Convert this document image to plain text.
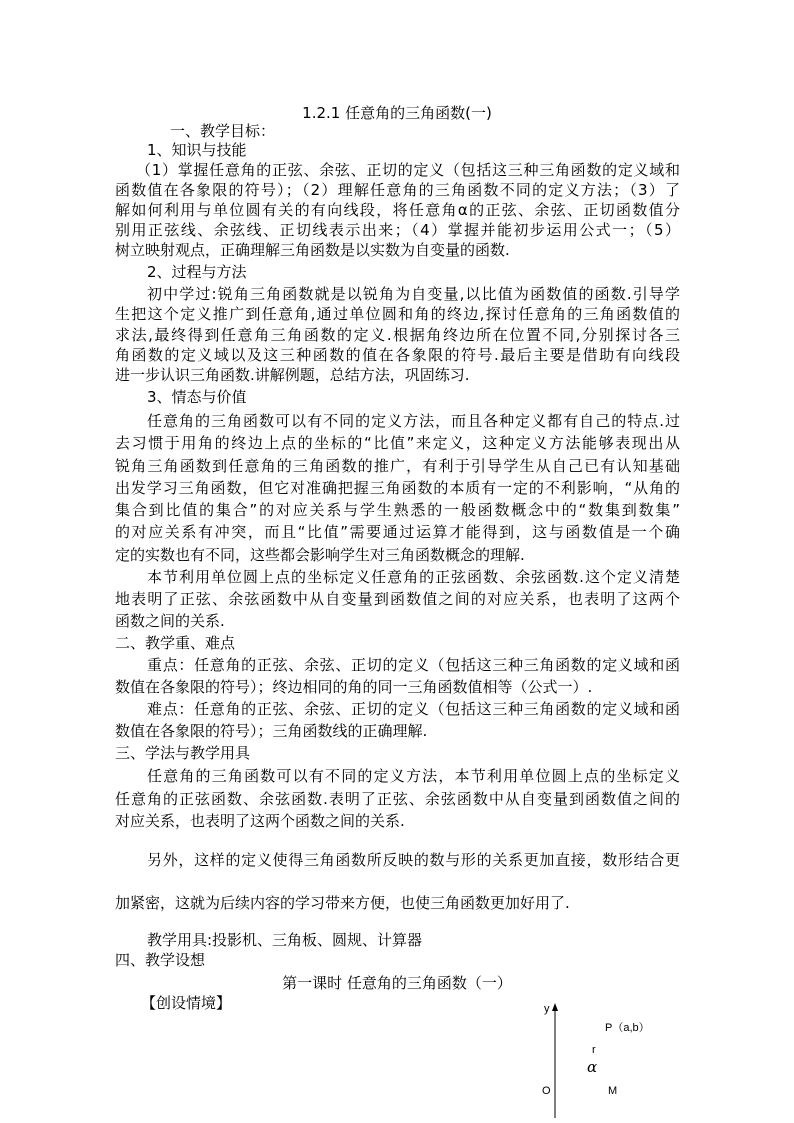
1.2.1 任意角的三角函数(一)
一、教学目标：
1、知识与技能
（1）掌握任意角的正弦、余弦、正切的定义（包括这三种三角函数的定义域和
函数值在各象限的符号）；（2）理解任意角的三角函数不同的定义方法；（3）了
解如何利用与单位圆有关的有向线段，将任意角α的正弦、余弦、正切函数值分
别用正弦线、余弦线、正切线表示出来；（4）掌握并能初步运用公式一；（5）
树立映射观点，正确理解三角函数是以实数为自变量的函数.
2、过程与方法
初中学过:锐角三角函数就是以锐角为自变量,以比值为函数值的函数.引导学
生把这个定义推广到任意角,通过单位圆和角的终边,探讨任意角的三角函数值的
求法,最终得到任意角三角函数的定义.根据角终边所在位置不同,分别探讨各三
角函数的定义域以及这三种函数的值在各象限的符号.最后主要是借助有向线段
进一步认识三角函数.讲解例题，总结方法，巩固练习.
3、情态与价值
任意角的三角函数可以有不同的定义方法，而且各种定义都有自己的特点.过
去习惯于用角的终边上点的坐标的“比值”来定义，这种定义方法能够表现出从
锐角三角函数到任意角的三角函数的推广，有利于引导学生从自己已有认知基础
出发学习三角函数，但它对准确把握三角函数的本质有一定的不利影响，“从角的
集合到比值的集合”的对应关系与学生熟悉的一般函数概念中的“数集到数集”
的对应关系有冲突，而且“比值”需要通过运算才能得到，这与函数值是一个确
定的实数也有不同，这些都会影响学生对三角函数概念的理解.
本节利用单位圆上点的坐标定义任意角的正弦函数、余弦函数.这个定义清楚
地表明了正弦、余弦函数中从自变量到函数值之间的对应关系，也表明了这两个
函数之间的关系.
二、教学重、难点
重点：任意角的正弦、余弦、正切的定义（包括这三种三角函数的定义域和函
数值在各象限的符号）；终边相同的角的同一三角函数值相等（公式一）.
难点：任意角的正弦、余弦、正切的定义（包括这三种三角函数的定义域和函
数值在各象限的符号）；三角函数线的正确理解.
三、学法与教学用具
任意角的三角函数可以有不同的定义方法，本节利用单位圆上点的坐标定义
任意角的正弦函数、余弦函数.表明了正弦、余弦函数中从自变量到函数值之间的
对应关系，也表明了这两个函数之间的关系.
另外，这样的定义使得三角函数所反映的数与形的关系更加直接，数形结合更
加紧密，这就为后续内容的学习带来方便，也使三角函数更加好用了.
教学用具:投影机、三角板、圆规、计算器
四、教学设想
第一课时 任意角的三角函数（一）
【创设情境】	y
P（a,b）
r
α
O	M
